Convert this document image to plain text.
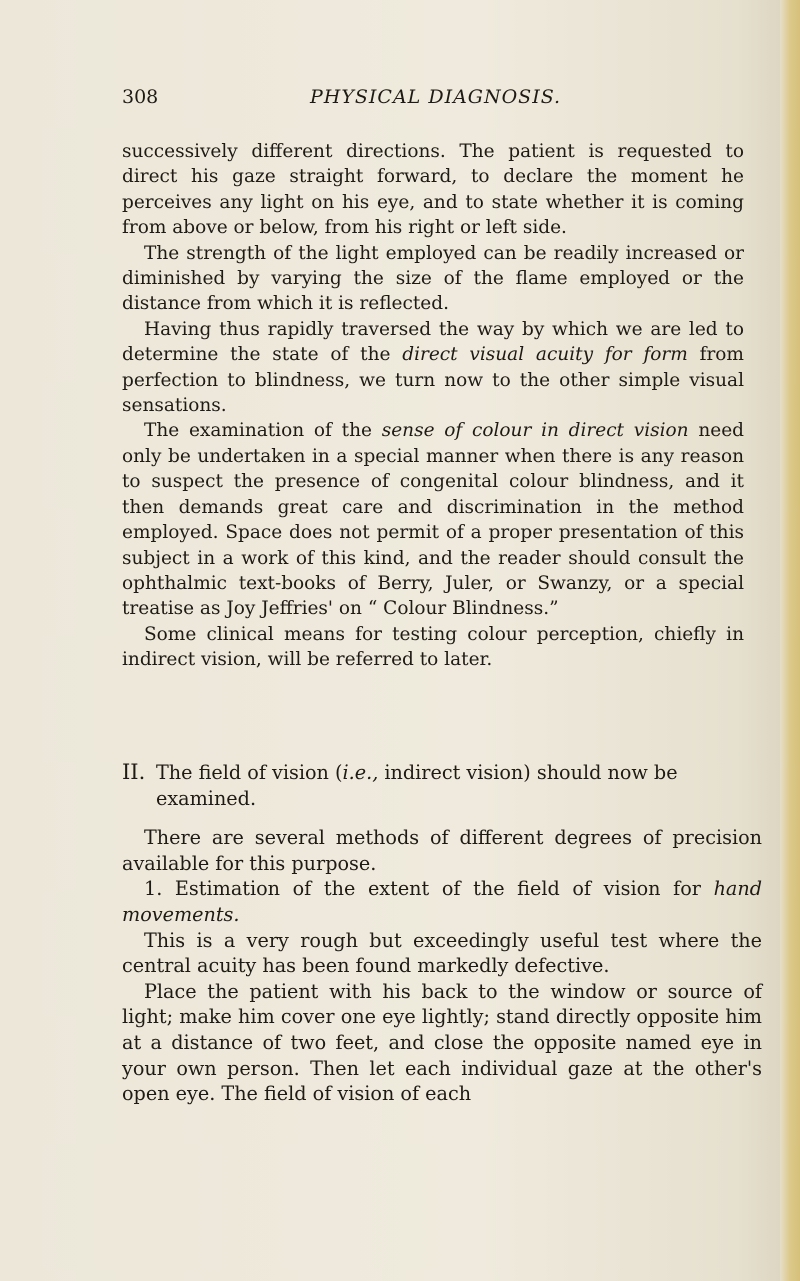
308	PHYSICAL DIAGNOSIS.

successively different directions. The patient is requested to direct his gaze straight forward, to declare the moment he perceives any light on his eye, and to state whether it is coming from above or below, from his right or left side.

The strength of the light employed can be readily increased or diminished by varying the size of the flame employed or the distance from which it is reflected.

Having thus rapidly traversed the way by which we are led to determine the state of the direct visual acuity for form from perfection to blindness, we turn now to the other simple visual sensations.

The examination of the sense of colour in direct vision need only be undertaken in a special manner when there is any reason to suspect the presence of congenital colour blindness, and it then demands great care and discrimination in the method employed. Space does not permit of a proper presentation of this subject in a work of this kind, and the reader should consult the ophthalmic text-books of Berry, Juler, or Swanzy, or a special treatise as Joy Jeffries' on “ Colour Blindness.”

Some clinical means for testing colour perception, chiefly in indirect vision, will be referred to later.

II. The field of vision (i.e., indirect vision) should now be examined.

There are several methods of different degrees of precision available for this purpose.

1. Estimation of the extent of the field of vision for hand movements.

This is a very rough but exceedingly useful test where the central acuity has been found markedly defective.

Place the patient with his back to the window or source of light; make him cover one eye lightly; stand directly opposite him at a distance of two feet, and close the opposite named eye in your own person. Then let each individual gaze at the other's open eye. The field of vision of each
